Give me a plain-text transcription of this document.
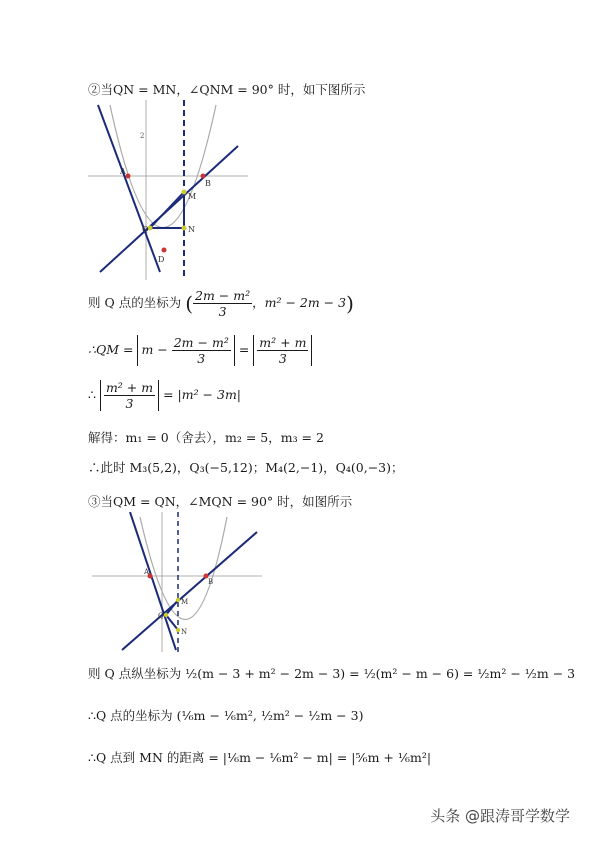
②当QN = MN，∠QNM = 90° 时，如下图所示
2
A
B
M
N
Q
D
则 Q 点的坐标为 ( $\frac{\text{2m − m²}}{3}$ ，m² − 2m − 3)
∴QM = $m - \frac{\text{2m − m²}}{3} = \frac{\text{m² + m}}{3}$
∴ $\frac{\text{m² + m}}{3} = |m^2 - 3m|$
解得：m₁ = 0（舍去），m₂ = 5，m₃ = 2
∴此时 M₃(5,2)，Q₃(−5,12)；M₄(2,−1)，Q₄(0,−3)；
③当QM = QN，∠MQN = 90° 时，如图所示
A
B
M
N
Q
则 Q 点纵坐标为 ½(m − 3 + m² − 2m − 3) = ½(m² − m − 6) = ½m² − ½m − 3
∴Q 点的坐标为 (⅙m − ⅙m², ½m² − ½m − 3)
∴Q 点到 MN 的距离 = |⅙m − ⅙m² − m| = |⅚m + ⅙m²|
头条 @跟涛哥学数学
